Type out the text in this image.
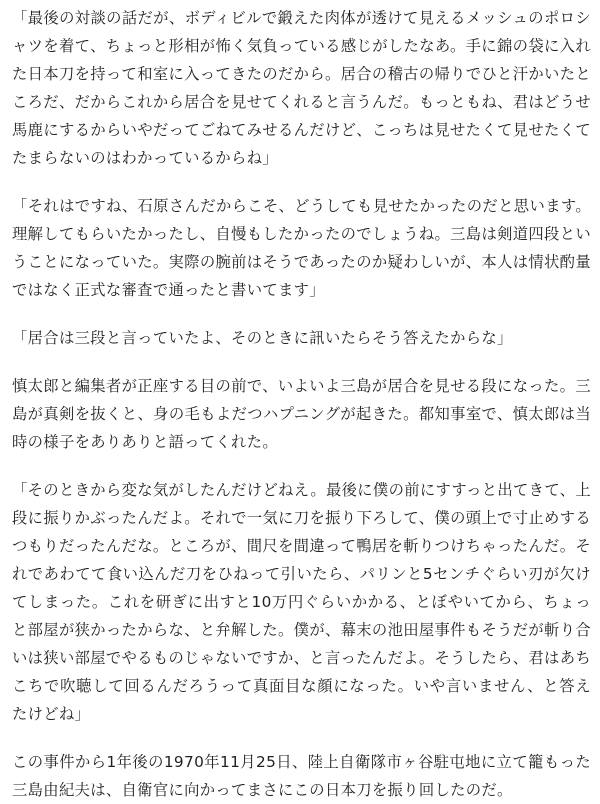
「最後の対談の話だが、ボディビルで鍛えた肉体が透けて見えるメッシュのポロシャツを着て、ちょっと形相が怖く気負っている感じがしたなあ。手に錦の袋に入れた日本刀を持って和室に入ってきたのだから。居合の稽古の帰りでひと汗かいたところだ、だからこれから居合を見せてくれると言うんだ。もっともね、君はどうせ馬鹿にするからいやだってごねてみせるんだけど、こっちは見せたくて見せたくてたまらないのはわかっているからね」

「それはですね、石原さんだからこそ、どうしても見せたかったのだと思います。理解してもらいたかったし、自慢もしたかったのでしょうね。三島は剣道四段ということになっていた。実際の腕前はそうであったのか疑わしいが、本人は情状酌量ではなく正式な審査で通ったと書いてます」

「居合は三段と言っていたよ、そのときに訊いたらそう答えたからな」

慎太郎と編集者が正座する目の前で、いよいよ三島が居合を見せる段になった。三島が真剣を抜くと、身の毛もよだつハプニングが起きた。都知事室で、慎太郎は当時の様子をありありと語ってくれた。

「そのときから変な気がしたんだけどねえ。最後に僕の前にすすっと出てきて、上段に振りかぶったんだよ。それで一気に刀を振り下ろして、僕の頭上で寸止めするつもりだったんだな。ところが、間尺を間違って鴨居を斬りつけちゃったんだ。それであわてて食い込んだ刀をひねって引いたら、パリンと5センチぐらい刃が欠けてしまった。これを研ぎに出すと10万円ぐらいかかる、とぼやいてから、ちょっと部屋が狭かったからな、と弁解した。僕が、幕末の池田屋事件もそうだが斬り合いは狭い部屋でやるものじゃないですか、と言ったんだよ。そうしたら、君はあちこちで吹聴して回るんだろうって真面目な顔になった。いや言いません、と答えたけどね」

この事件から1年後の1970年11月25日、陸上自衛隊市ヶ谷駐屯地に立て籠もった三島由紀夫は、自衛官に向かってまさにこの日本刀を振り回したのだ。
